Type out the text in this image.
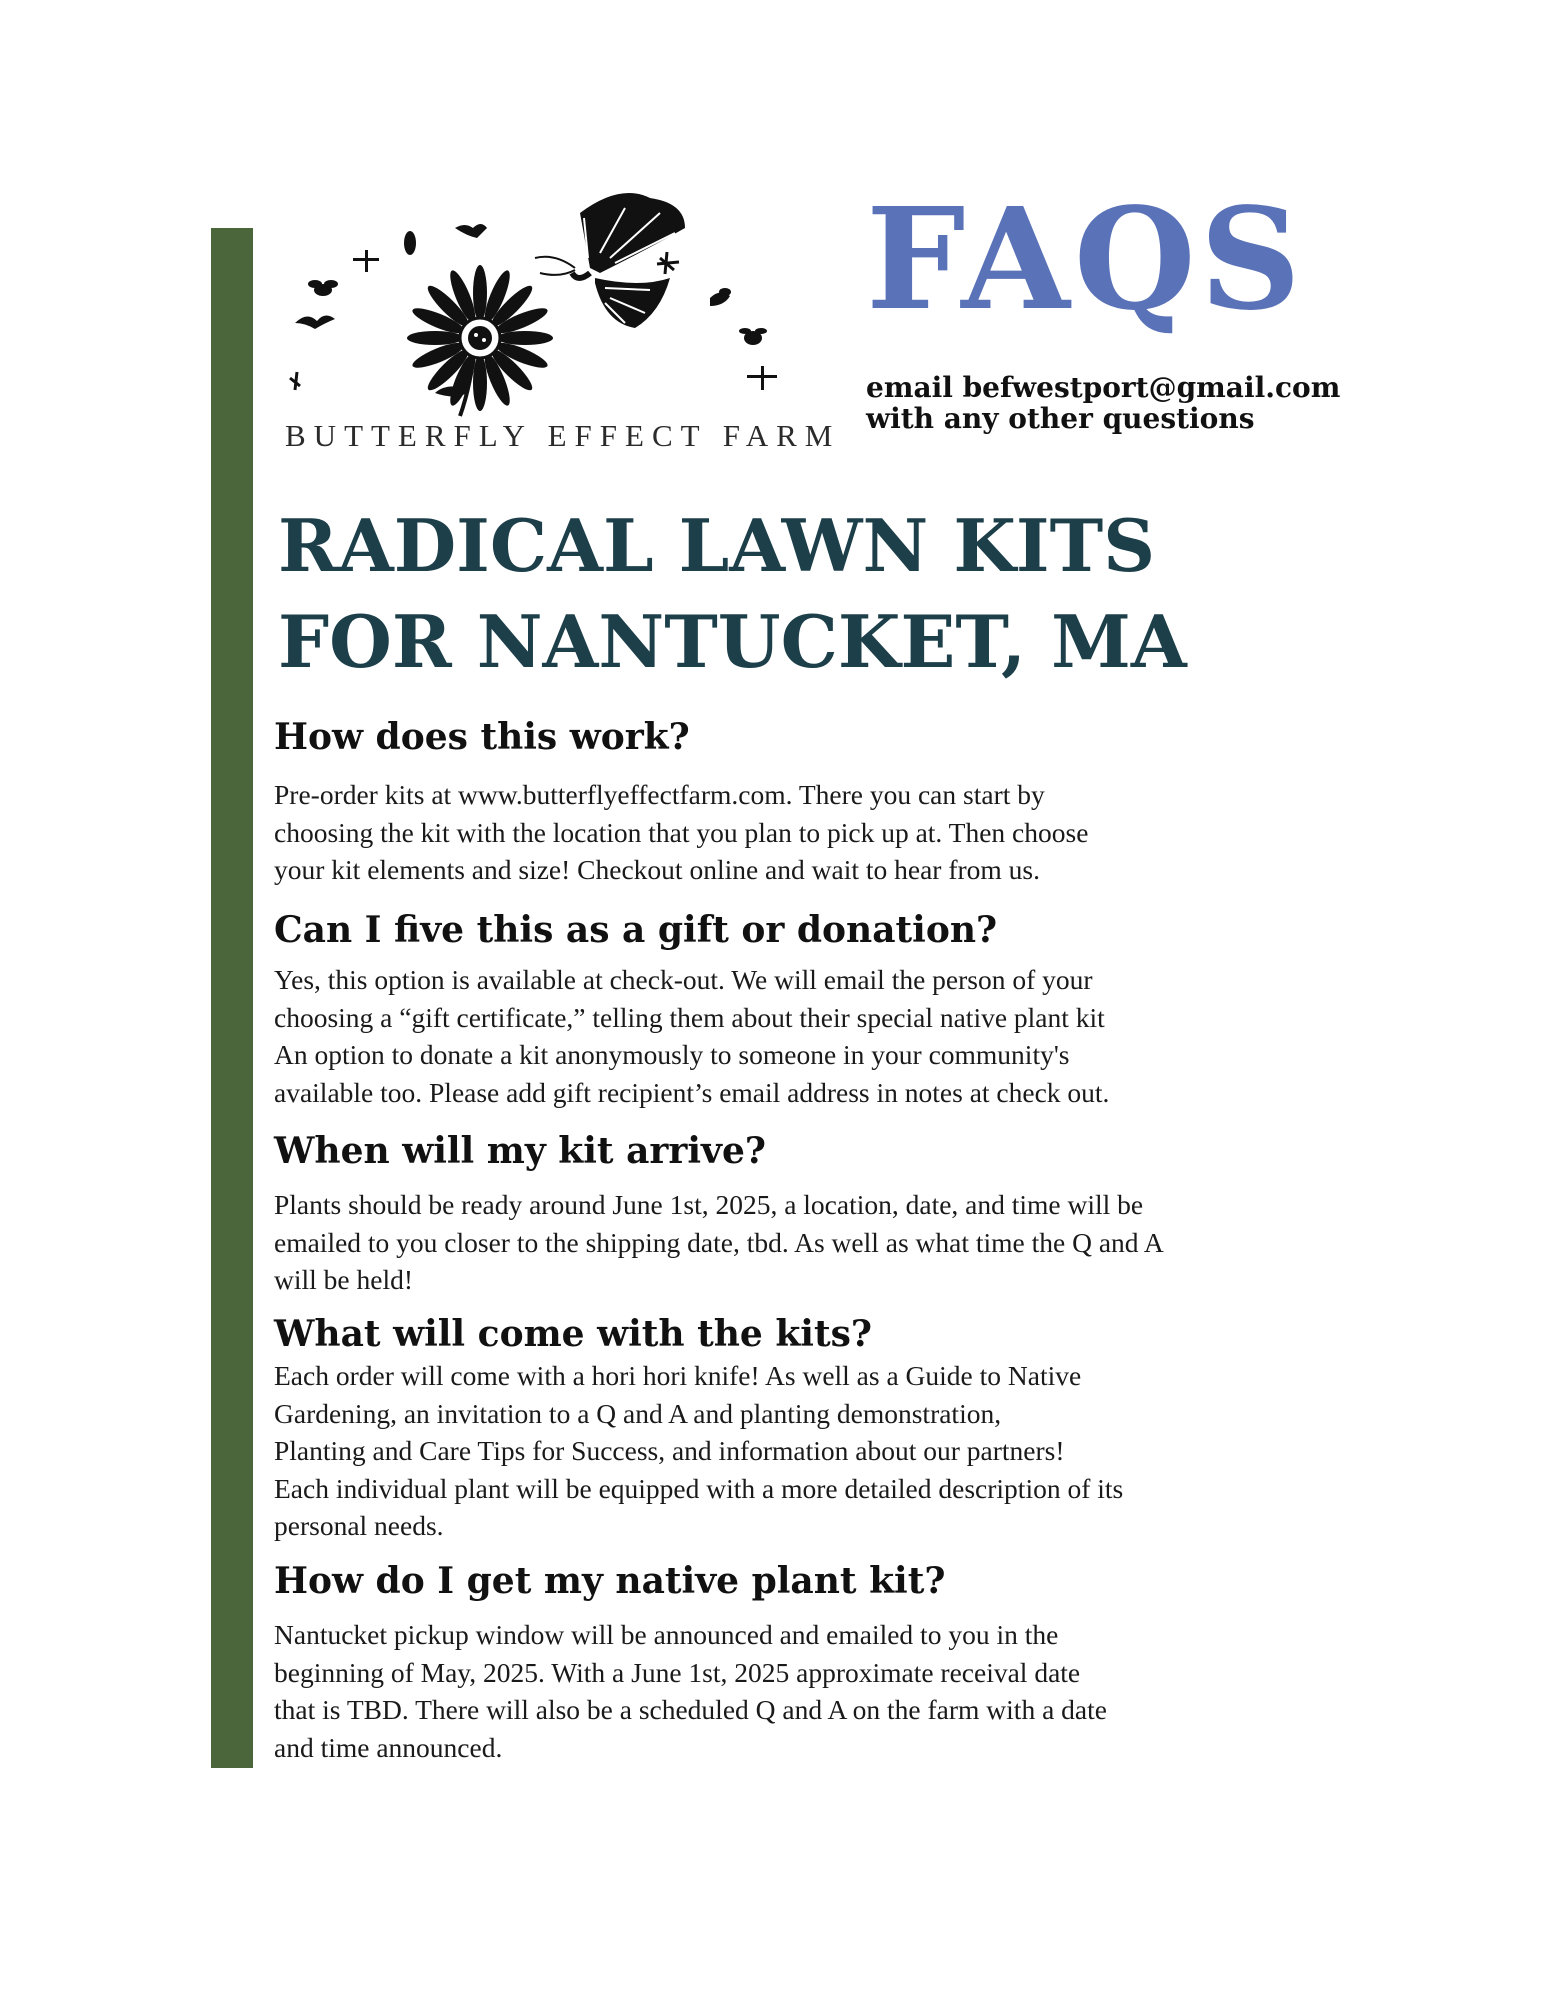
BUTTERFLY EFFECT FARM
FAQS
email befwestport@gmail.com
with any other questions
RADICAL LAWN KITS
FOR NANTUCKET, MA
How does this work?

Pre-order kits at www.butterflyeffectfarm.com. There you can start by
choosing the kit with the location that you plan to pick up at. Then choose
your kit elements and size! Checkout online and wait to hear from us.

Can I five this as a gift or donation?

Yes, this option is available at check-out. We will email the person of your
choosing a “gift certificate,” telling them about their special native plant kit
An option to donate a kit anonymously to someone in your community's
available too. Please add gift recipient’s email address in notes at check out.

When will my kit arrive?

Plants should be ready around June 1st, 2025, a location, date, and time will be
emailed to you closer to the shipping date, tbd. As well as what time the Q and A
will be held!

What will come with the kits?

Each order will come with a hori hori knife! As well as a Guide to Native
Gardening, an invitation to a Q and A and planting demonstration,
Planting and Care Tips for Success, and information about our partners!
Each individual plant will be equipped with a more detailed description of its
personal needs.

How do I get my native plant kit?

Nantucket pickup window will be announced and emailed to you in the
beginning of May, 2025. With a June 1st, 2025 approximate receival date
that is TBD. There will also be a scheduled Q and A on the farm with a date
and time announced.
